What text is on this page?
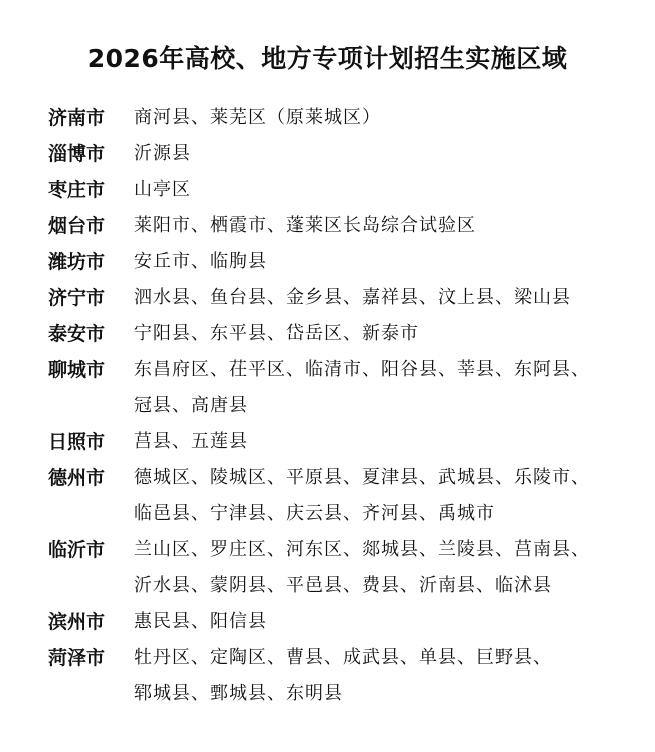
2026年高校、地方专项计划招生实施区域
济南市	商河县、莱芜区（原莱城区）
淄博市	沂源县
枣庄市	山亭区
烟台市	莱阳市、栖霞市、蓬莱区长岛综合试验区
潍坊市	安丘市、临朐县
济宁市	泗水县、鱼台县、金乡县、嘉祥县、汶上县、梁山县
泰安市	宁阳县、东平县、岱岳区、新泰市
聊城市	东昌府区、茌平区、临清市、阳谷县、莘县、东阿县、
冠县、高唐县
日照市	莒县、五莲县
德州市	德城区、陵城区、平原县、夏津县、武城县、乐陵市、
临邑县、宁津县、庆云县、齐河县、禹城市
临沂市	兰山区、罗庄区、河东区、郯城县、兰陵县、莒南县、
沂水县、蒙阴县、平邑县、费县、沂南县、临沭县
滨州市	惠民县、阳信县
菏泽市	牡丹区、定陶区、曹县、成武县、单县、巨野县、
郓城县、鄄城县、东明县
